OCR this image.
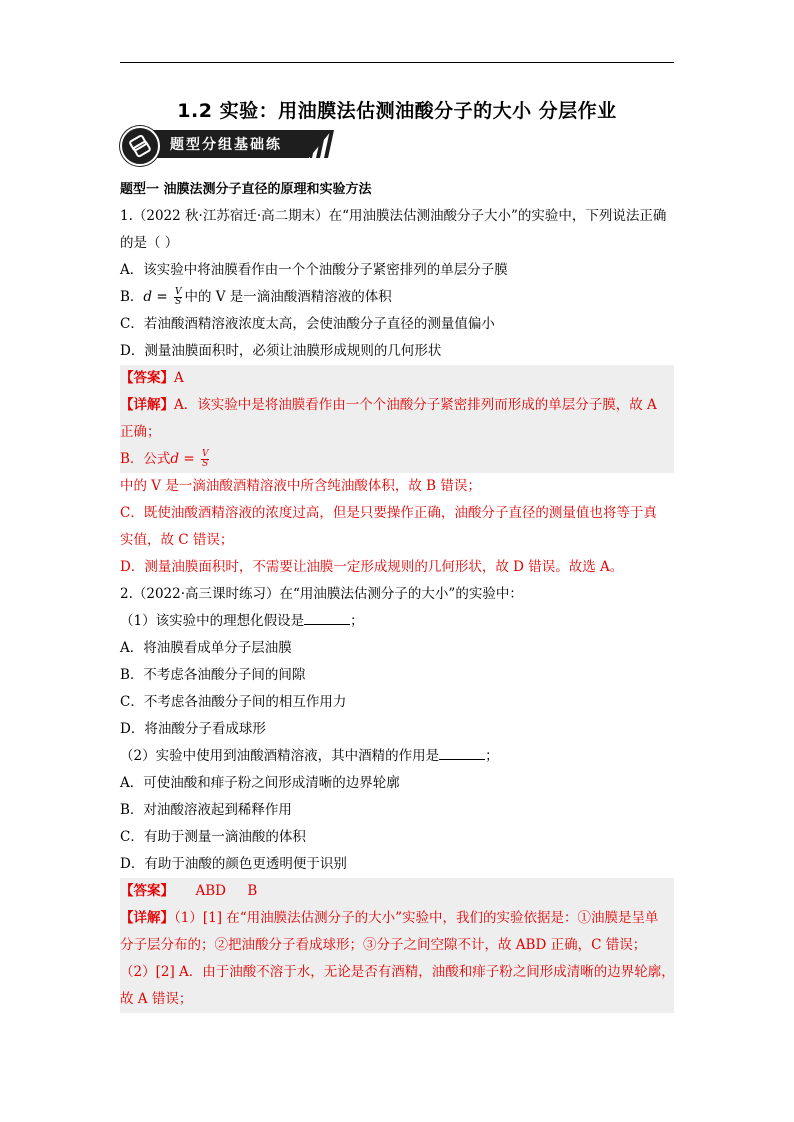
1.2 实验：用油膜法估测油酸分子的大小 分层作业
题型分组基础练
题型一 油膜法测分子直径的原理和实验方法
1.（2022 秋·江苏宿迁·高二期末）在“用油膜法估测油酸分子大小”的实验中，下列说法正确
的是（ ）
A．该实验中将油膜看作由一个个油酸分子紧密排列的单层分子膜
B．$d = \frac{V}{S}$ 中的 V 是一滴油酸酒精溶液的体积
C．若油酸酒精溶液浓度太高，会使油酸分子直径的测量值偏小
D．测量油膜面积时，必须让油膜形成规则的几何形状
【答案】A
【详解】A．该实验中是将油膜看作由一个个油酸分子紧密排列而形成的单层分子膜，故 A
正确；
B．公式$d = \frac{V}{S}$
中的 V 是一滴油酸酒精溶液中所含纯油酸体积，故 B 错误；
C．既使油酸酒精溶液的浓度过高，但是只要操作正确，油酸分子直径的测量值也将等于真
实值，故 C 错误；
D．测量油膜面积时，不需要让油膜一定形成规则的几何形状，故 D 错误。故选 A。
2.（2022·高三课时练习）在“用油膜法估测分子的大小”的实验中：
（1）该实验中的理想化假设是	；
A．将油膜看成单分子层油膜
B．不考虑各油酸分子间的间隙
C．不考虑各油酸分子间的相互作用力
D．将油酸分子看成球形
（2）实验中使用到油酸酒精溶液，其中酒精的作用是	；
A．可使油酸和痱子粉之间形成清晰的边界轮廓
B．对油酸溶液起到稀释作用
C．有助于测量一滴油酸的体积
D．有助于油酸的颜色更透明便于识别
【答案】     ABD     B
【详解】（1）[1] 在“用油膜法估测分子的大小”实验中，我们的实验依据是：①油膜是呈单
分子层分布的；②把油酸分子看成球形；③分子之间空隙不计，故 ABD 正确，C 错误；
（2）[2] A．由于油酸不溶于水，无论是否有酒精，油酸和痱子粉之间形成清晰的边界轮廓，
故 A 错误；
